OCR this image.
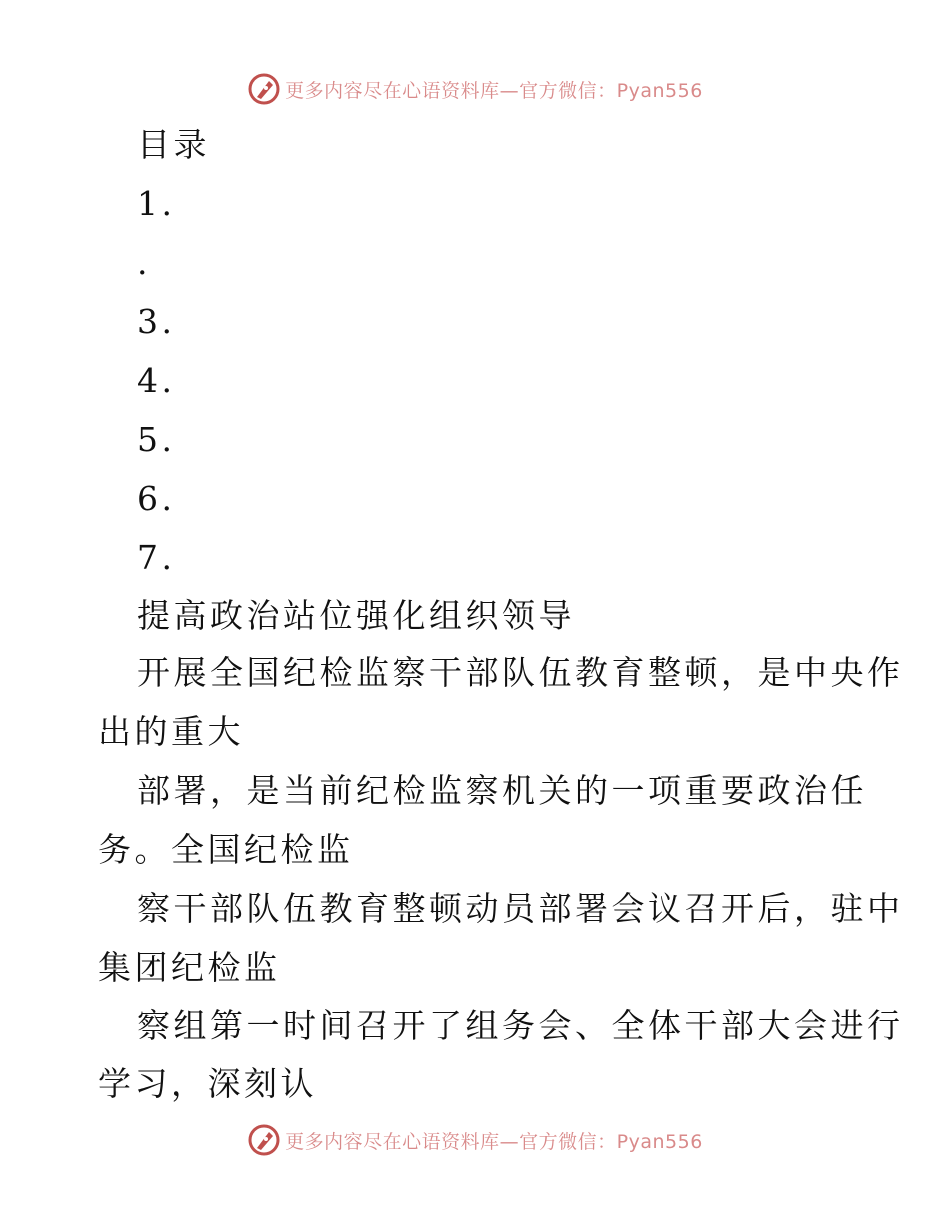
更多内容尽在心语资料库—官方微信：Pyan556
目录
1.
.
3.
4.
5.
6.
7.
提高政治站位强化组织领导
开展全国纪检监察干部队伍教育整顿，是中央作
出的重大
部署，是当前纪检监察机关的一项重要政治任
务。全国纪检监
察干部队伍教育整顿动员部署会议召开后，驻中
集团纪检监
察组第一时间召开了组务会、全体干部大会进行
学习，深刻认
更多内容尽在心语资料库—官方微信：Pyan556
